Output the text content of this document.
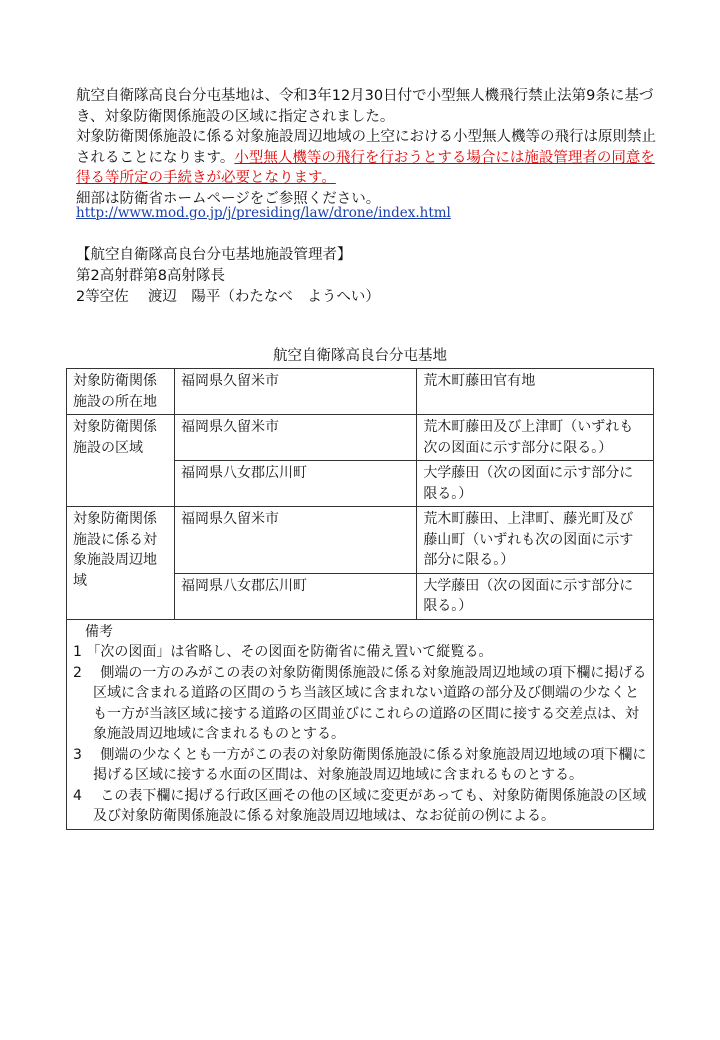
航空自衛隊高良台分屯基地は、令和3年12月30日付で小型無人機飛行禁止法第9条に基づき、対象防衛関係施設の区域に指定されました。

対象防衛関係施設に係る対象施設周辺地域の上空における小型無人機等の飛行は原則禁止されることになります。小型無人機等の飛行を行おうとする場合には施設管理者の同意を得る等所定の手続きが必要となります。

細部は防衛省ホームページをご参照ください。

http://www.mod.go.jp/j/presiding/law/drone/index.html
【航空自衛隊高良台分屯基地施設管理者】
第2高射群第8高射隊長
2等空佐　 渡辺　陽平（わたなべ　ようへい）
航空自衛隊高良台分屯基地
対象防衛関係施設の所在地	福岡県久留米市	荒木町藤田官有地
対象防衛関係施設の区域	福岡県久留米市	荒木町藤田及び上津町（いずれも次の図面に示す部分に限る。）
	福岡県八女郡広川町	大学藤田（次の図面に示す部分に限る。）
対象防衛関係施設に係る対象施設周辺地域	福岡県久留米市	荒木町藤田、上津町、藤光町及び藤山町（いずれも次の図面に示す部分に限る。）
	福岡県八女郡広川町	大学藤田（次の図面に示す部分に限る。）

備考
1 「次の図面」は省略し、その図面を防衛省に備え置いて縦覧る。
2　 側端の一方のみがこの表の対象防衛関係施設に係る対象施設周辺地域の項下欄に掲げる区域に含まれる道路の区間のうち当該区域に含まれない道路の部分及び側端の少なくとも一方が当該区域に接する道路の区間並びにこれらの道路の区間に接する交差点は、対象施設周辺地域に含まれるものとする。
3　 側端の少なくとも一方がこの表の対象防衛関係施設に係る対象施設周辺地域の項下欄に掲げる区域に接する水面の区間は、対象施設周辺地域に含まれるものとする。
4　 この表下欄に掲げる行政区画その他の区域に変更があっても、対象防衛関係施設の区域及び対象防衛関係施設に係る対象施設周辺地域は、なお従前の例による。		
